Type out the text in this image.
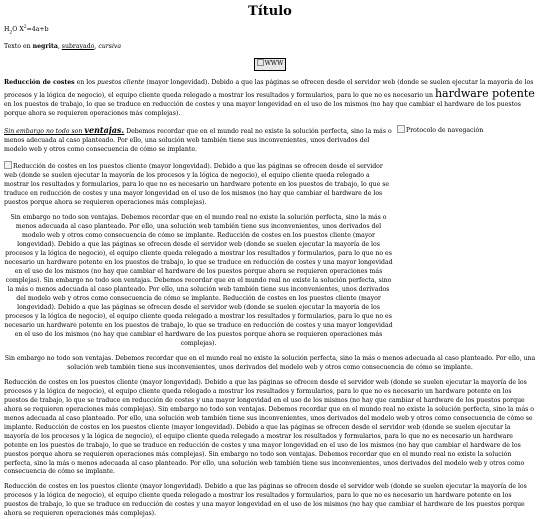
Título

$H_2O$ $X^2=4a+b$

Texto en negrita, subrayado, cursiva

WWW

Reducción de costes en los puestos cliente (mayor longevidad). Debido a que las páginas se ofrecen desde el servidor web (donde se suelen ejecutar la mayoría de los procesos y la lógica de negocio), el equipo cliente queda relegado a mostrar los resultados y formularios, para lo que no es necesario un hardware potente en los puestos de trabajo, lo que se traduce en reducción de costes y una mayor longevidad en el uso de los mismos (no hay que cambiar el hardware de los puestos porque ahora se requieren operaciones más complejas).

Sin embargo no todo son ventajas. Debemos recordar que en el mundo real no existe la solución perfecta, sino la más o menos adecuada al caso planteado. Por ello, una solución web también tiene sus inconvenientes, unos derivados del modelo web y otros como consecuencia de cómo se implante.

Reducción de costes en los puestos cliente (mayor longevidad). Debido a que las páginas se ofrecen desde el servidor web (donde se suelen ejecutar la mayoría de los procesos y la lógica de negocio), el equipo cliente queda relegado a mostrar los resultados y formularios, para lo que no es necesario un hardware potente en los puestos de trabajo, lo que se traduce en reducción de costes y una mayor longevidad en el uso de los mismos (no hay que cambiar el hardware de los puestos porque ahora se requieren operaciones más complejas).

Sin embargo no todo son ventajas. Debemos recordar que en el mundo real no existe la solución perfecta, sino la más o menos adecuada al caso planteado. Por ello, una solución web también tiene sus inconvenientes, unos derivados del modelo web y otros como consecuencia de cómo se implante. Reducción de costes en los puestos cliente (mayor longevidad). Debido a que las páginas se ofrecen desde el servidor web (donde se suelen ejecutar la mayoría de los procesos y la lógica de negocio), el equipo cliente queda relegado a mostrar los resultados y formularios, para lo que no es necesario un hardware potente en los puestos de trabajo, lo que se traduce en reducción de costes y una mayor longevidad en el uso de los mismos (no hay que cambiar el hardware de los puestos porque ahora se requieren operaciones más complejas). Sin embargo no todo son ventajas. Debemos recordar que en el mundo real no existe la solución perfecta, sino la más o menos adecuada al caso planteado. Por ello, una solución web también tiene sus inconvenientes, unos derivados del modelo web y otros como consecuencia de cómo se implante. Reducción de costes en los puestos cliente (mayor longevidad). Debido a que las páginas se ofrecen desde el servidor web (donde se suelen ejecutar la mayoría de los procesos y la lógica de negocio), el equipo cliente queda relegado a mostrar los resultados y formularios, para lo que no es necesario un hardware potente en los puestos de trabajo, lo que se traduce en reducción de costes y una mayor longevidad en el uso de los mismos (no hay que cambiar el hardware de los puestos porque ahora se requieren operaciones más complejas).

Protocolo de navegación

Sin embargo no todo son ventajas. Debemos recordar que en el mundo real no existe la solución perfecta, sino la más o menos adecuada al caso planteado. Por ello, una solución web también tiene sus inconvenientes, unos derivados del modelo web y otros como consecuencia de cómo se implante.

Reducción de costes en los puestos cliente (mayor longevidad). Debido a que las páginas se ofrecen desde el servidor web (donde se suelen ejecutar la mayoría de los procesos y la lógica de negocio), el equipo cliente queda relegado a mostrar los resultados y formularios, para lo que no es necesario un hardware potente en los puestos de trabajo, lo que se traduce en reducción de costes y una mayor longevidad en el uso de los mismos (no hay que cambiar el hardware de los puestos porque ahora se requieren operaciones más complejas). Sin embargo no todo son ventajas. Debemos recordar que en el mundo real no existe la solución perfecta, sino la más o menos adecuada al caso planteado. Por ello, una solución web también tiene sus inconvenientes, unos derivados del modelo web y otros como consecuencia de cómo se implante. Reducción de costes en los puestos cliente (mayor longevidad). Debido a que las páginas se ofrecen desde el servidor web (donde se suelen ejecutar la mayoría de los procesos y la lógica de negocio), el equipo cliente queda relegado a mostrar los resultados y formularios, para lo que no es necesario un hardware potente en los puestos de trabajo, lo que se traduce en reducción de costes y una mayor longevidad en el uso de los mismos (no hay que cambiar el hardware de los puestos porque ahora se requieren operaciones más complejas). Sin embargo no todo son ventajas. Debemos recordar que en el mundo real no existe la solución perfecta, sino la más o menos adecuada al caso planteado. Por ello, una solución web también tiene sus inconvenientes, unos derivados del modelo web y otros como consecuencia de cómo se implante.

Reducción de costes en los puestos cliente (mayor longevidad). Debido a que las páginas se ofrecen desde el servidor web (donde se suelen ejecutar la mayoría de los procesos y la lógica de negocio), el equipo cliente queda relegado a mostrar los resultados y formularios, para lo que no es necesario un hardware potente en los puestos de trabajo, lo que se traduce en reducción de costes y una mayor longevidad en el uso de los mismos (no hay que cambiar el hardware de los puestos porque ahora se requieren operaciones más complejas).
